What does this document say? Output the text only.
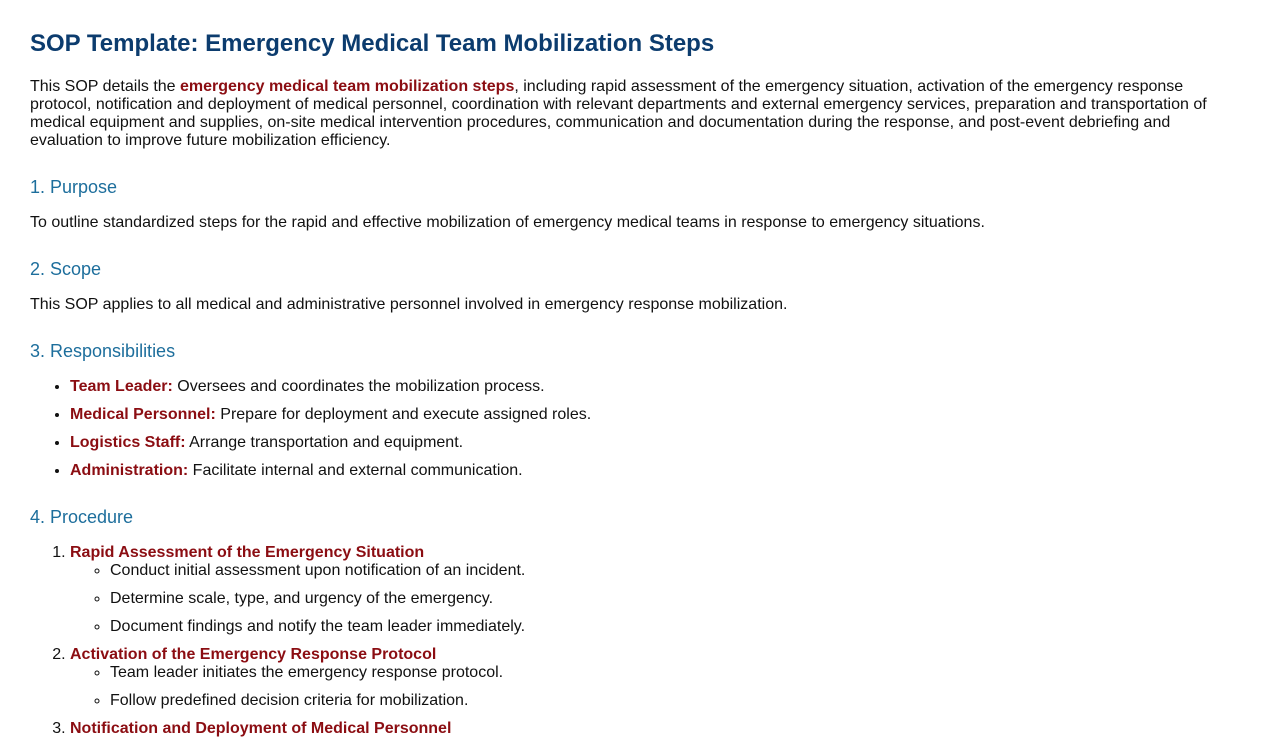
SOP Template: Emergency Medical Team Mobilization Steps

This SOP details the emergency medical team mobilization steps, including rapid assessment of the emergency situation, activation of the emergency response protocol, notification and deployment of medical personnel, coordination with relevant departments and external emergency services, preparation and transportation of medical equipment and supplies, on-site medical intervention procedures, communication and documentation during the response, and post-event debriefing and evaluation to improve future mobilization efficiency.

1. Purpose

To outline standardized steps for the rapid and effective mobilization of emergency medical teams in response to emergency situations.

2. Scope

This SOP applies to all medical and administrative personnel involved in emergency response mobilization.

3. Responsibilities
• Team Leader: Oversees and coordinates the mobilization process.
• Medical Personnel: Prepare for deployment and execute assigned roles.
• Logistics Staff: Arrange transportation and equipment.
• Administration: Facilitate internal and external communication.
4. Procedure
1. Rapid Assessment of the Emergency Situation
◦ Conduct initial assessment upon notification of an incident.
◦ Determine scale, type, and urgency of the emergency.
◦ Document findings and notify the team leader immediately.
2. Activation of the Emergency Response Protocol
◦ Team leader initiates the emergency response protocol.
◦ Follow predefined decision criteria for mobilization.
3. Notification and Deployment of Medical Personnel
